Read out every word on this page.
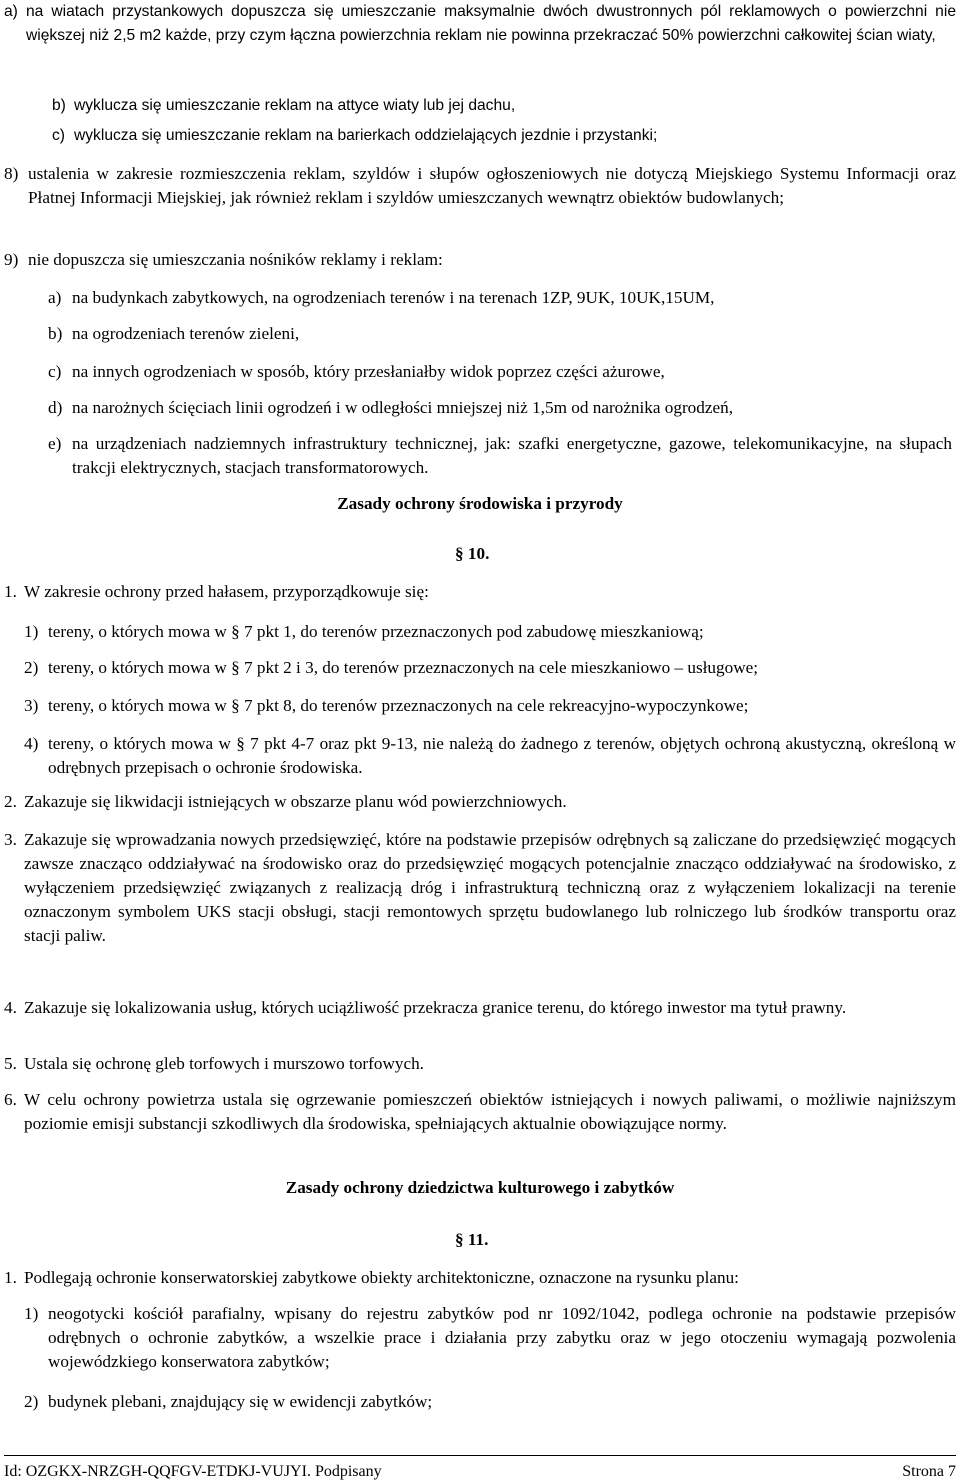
a) na wiatach przystankowych dopuszcza się umieszczanie maksymalnie dwóch dwustronnych pól reklamowych o powierzchni nie większej niż 2,5 m2 każde, przy czym łączna powierzchnia reklam nie powinna przekraczać 50% powierzchni całkowitej ścian wiaty,
b) wyklucza się umieszczanie reklam na attyce wiaty lub jej dachu,
c) wyklucza się umieszczanie reklam na barierkach oddzielających jezdnie i przystanki;
8) ustalenia w zakresie rozmieszczenia reklam, szyldów i słupów ogłoszeniowych nie dotyczą Miejskiego Systemu Informacji oraz Płatnej Informacji Miejskiej, jak również reklam i szyldów umieszczanych wewnątrz obiektów budowlanych;
9) nie dopuszcza się umieszczania nośników reklamy i reklam:
a) na budynkach zabytkowych, na ogrodzeniach terenów i na terenach 1ZP, 9UK, 10UK,15UM,
b) na ogrodzeniach terenów zieleni,
c) na innych ogrodzeniach w sposób, który przesłaniałby widok poprzez części ażurowe,
d) na narożnych ścięciach linii ogrodzeń i w odległości mniejszej niż 1,5m od narożnika ogrodzeń,
e) na urządzeniach nadziemnych infrastruktury technicznej, jak: szafki energetyczne, gazowe, telekomunikacyjne, na słupach trakcji elektrycznych, stacjach transformatorowych.

Zasady ochrony środowiska i przyrody

§ 10.

1. W zakresie ochrony przed hałasem, przyporządkowuje się:
1) tereny, o których mowa w § 7 pkt 1, do terenów przeznaczonych pod zabudowę mieszkaniową;
2) tereny, o których mowa w § 7 pkt 2 i 3, do terenów przeznaczonych na cele mieszkaniowo – usługowe;
3) tereny, o których mowa w § 7 pkt 8, do terenów przeznaczonych na cele rekreacyjno-wypoczynkowe;
4) tereny, o których mowa w § 7 pkt 4-7 oraz pkt 9-13, nie należą do żadnego z terenów, objętych ochroną akustyczną, określoną w odrębnych przepisach o ochronie środowiska.
2. Zakazuje się likwidacji istniejących w obszarze planu wód powierzchniowych.
3. Zakazuje się wprowadzania nowych przedsięwzięć, które na podstawie przepisów odrębnych są zaliczane do przedsięwzięć mogących zawsze znacząco oddziaływać na środowisko oraz do przedsięwzięć mogących potencjalnie znacząco oddziaływać na środowisko, z wyłączeniem przedsięwzięć związanych z realizacją dróg i infrastrukturą techniczną oraz z wyłączeniem lokalizacji na terenie oznaczonym symbolem UKS stacji obsługi, stacji remontowych sprzętu budowlanego lub rolniczego lub środków transportu oraz stacji paliw.
4. Zakazuje się lokalizowania usług, których uciążliwość przekracza granice terenu, do którego inwestor ma tytuł prawny.
5. Ustala się ochronę gleb torfowych i murszowo torfowych.
6. W celu ochrony powietrza ustala się ogrzewanie pomieszczeń obiektów istniejących i nowych paliwami, o możliwie najniższym poziomie emisji substancji szkodliwych dla środowiska, spełniających aktualnie obowiązujące normy.

Zasady ochrony dziedzictwa kulturowego i zabytków

§ 11.

1. Podlegają ochronie konserwatorskiej zabytkowe obiekty architektoniczne, oznaczone na rysunku planu:
1) neogotycki kościół parafialny, wpisany do rejestru zabytków pod nr 1092/1042, podlega ochronie na podstawie przepisów odrębnych o ochronie zabytków, a wszelkie prace i działania przy zabytku oraz w jego otoczeniu wymagają pozwolenia wojewódzkiego konserwatora zabytków;
2) budynek plebani, znajdujący się w ewidencji zabytków;
Id: OZGKX-NRZGH-QQFGV-ETDKJ-VUJYI. Podpisany	Strona 7
